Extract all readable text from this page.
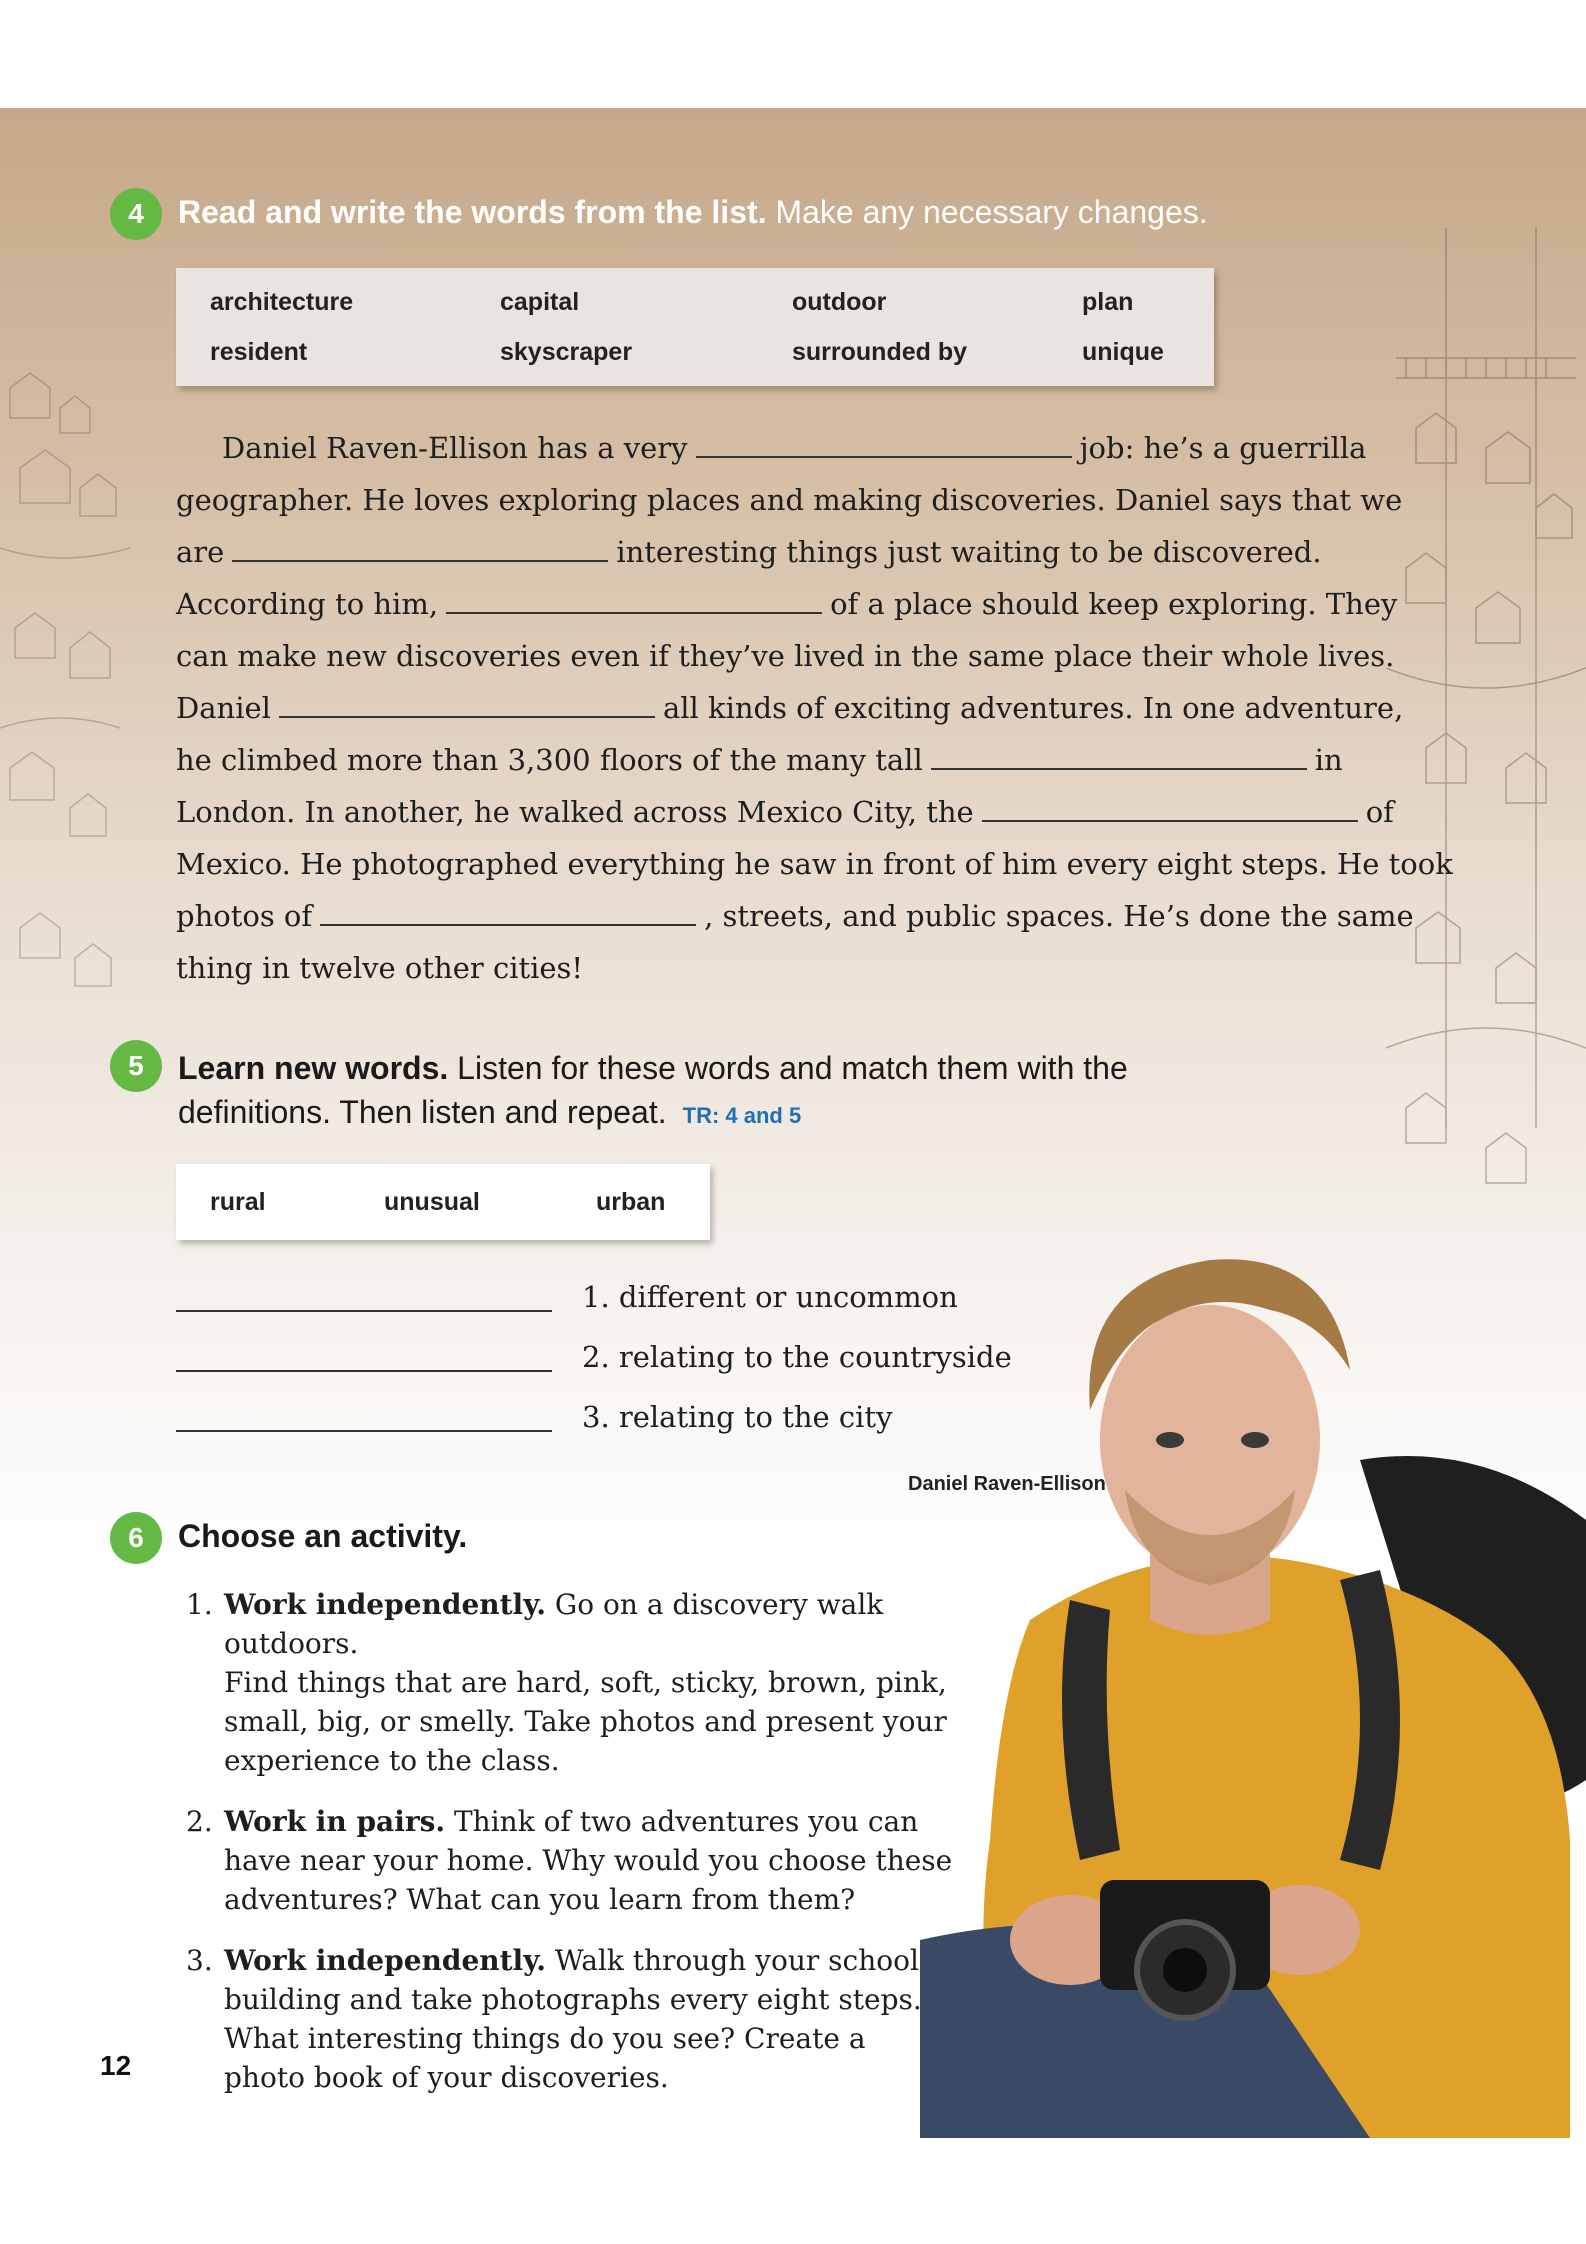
4	Read and write the words from the list. Make any necessary changes.
architecture	capital	outdoor	plan
resident	skyscraper	surrounded by	unique
Daniel Raven-Ellison has a very	job: he’s a guerrilla
geographer. He loves exploring places and making discoveries. Daniel says that we
are	interesting things just waiting to be discovered.
According to him,	of a place should keep exploring. They
can make new discoveries even if they’ve lived in the same place their whole lives.
Daniel	all kinds of exciting adventures. In one adventure,
he climbed more than 3,300 floors of the many tall	in
London. In another, he walked across Mexico City, the	of
Mexico. He photographed everything he saw in front of him every eight steps. He took
photos of	, streets, and public spaces. He’s done the same
thing in twelve other cities!
5	Learn new words. Listen for these words and match them with the
definitions. Then listen and repeat. TR: 4 and 5
rural	unusual	urban
1. different or uncommon
2. relating to the countryside
3. relating to the city
Daniel Raven-Ellison
6	Choose an activity.
1. Work independently. Go on a discovery walk outdoors.
Find things that are hard, soft, sticky, brown, pink,
small, big, or smelly. Take photos and present your
experience to the class.
2. Work in pairs. Think of two adventures you can
have near your home. Why would you choose these
adventures? What can you learn from them?
3. Work independently. Walk through your school
building and take photographs every eight steps.
What interesting things do you see? Create a
photo book of your discoveries.
12
